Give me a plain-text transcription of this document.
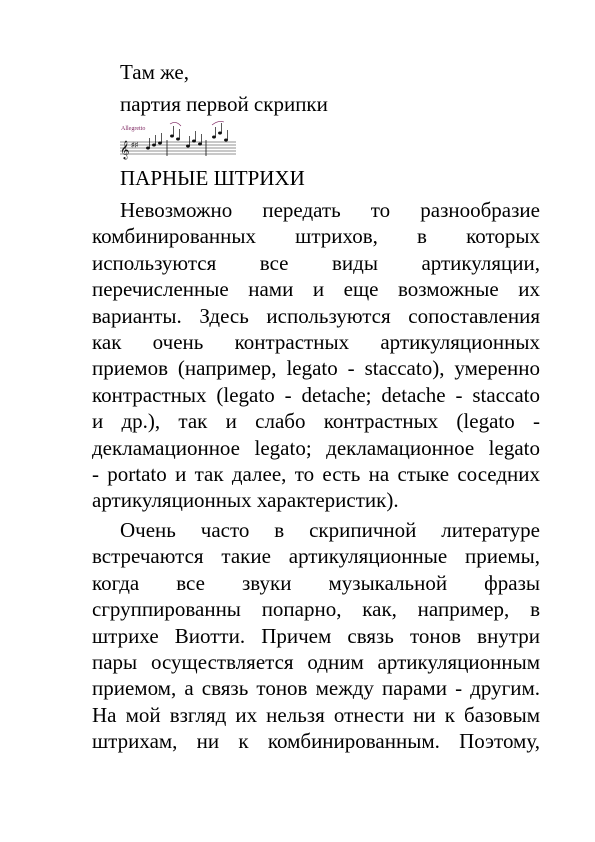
Там же,
партия первой скрипки
Allegretto
𝄞 ♯♯
ПАРНЫЕ ШТРИХИ
Невозможно передать то разнообразие
комбинированных штрихов, в которых
используются все виды артикуляции,
перечисленные нами и еще возможные их
варианты. Здесь используются сопоставления
как очень контрастных артикуляционных
приемов (например, legato - staccato), умеренно
контрастных (legato - detache; detache - staccato
и др.), так и слабо контрастных (legato -
декламационное legato; декламационное legato
- portato и так далее, то есть на стыке соседних
артикуляционных характеристик).
Очень часто в скрипичной литературе
встречаются такие артикуляционные приемы,
когда все звуки музыкальной фразы
сгруппированны попарно, как, например, в
штрихе Виотти. Причем связь тонов внутри
пары осуществляется одним артикуляционным
приемом, а связь тонов между парами - другим.
На мой взгляд их нельзя отнести ни к базовым
штрихам, ни к комбинированным. Поэтому,
